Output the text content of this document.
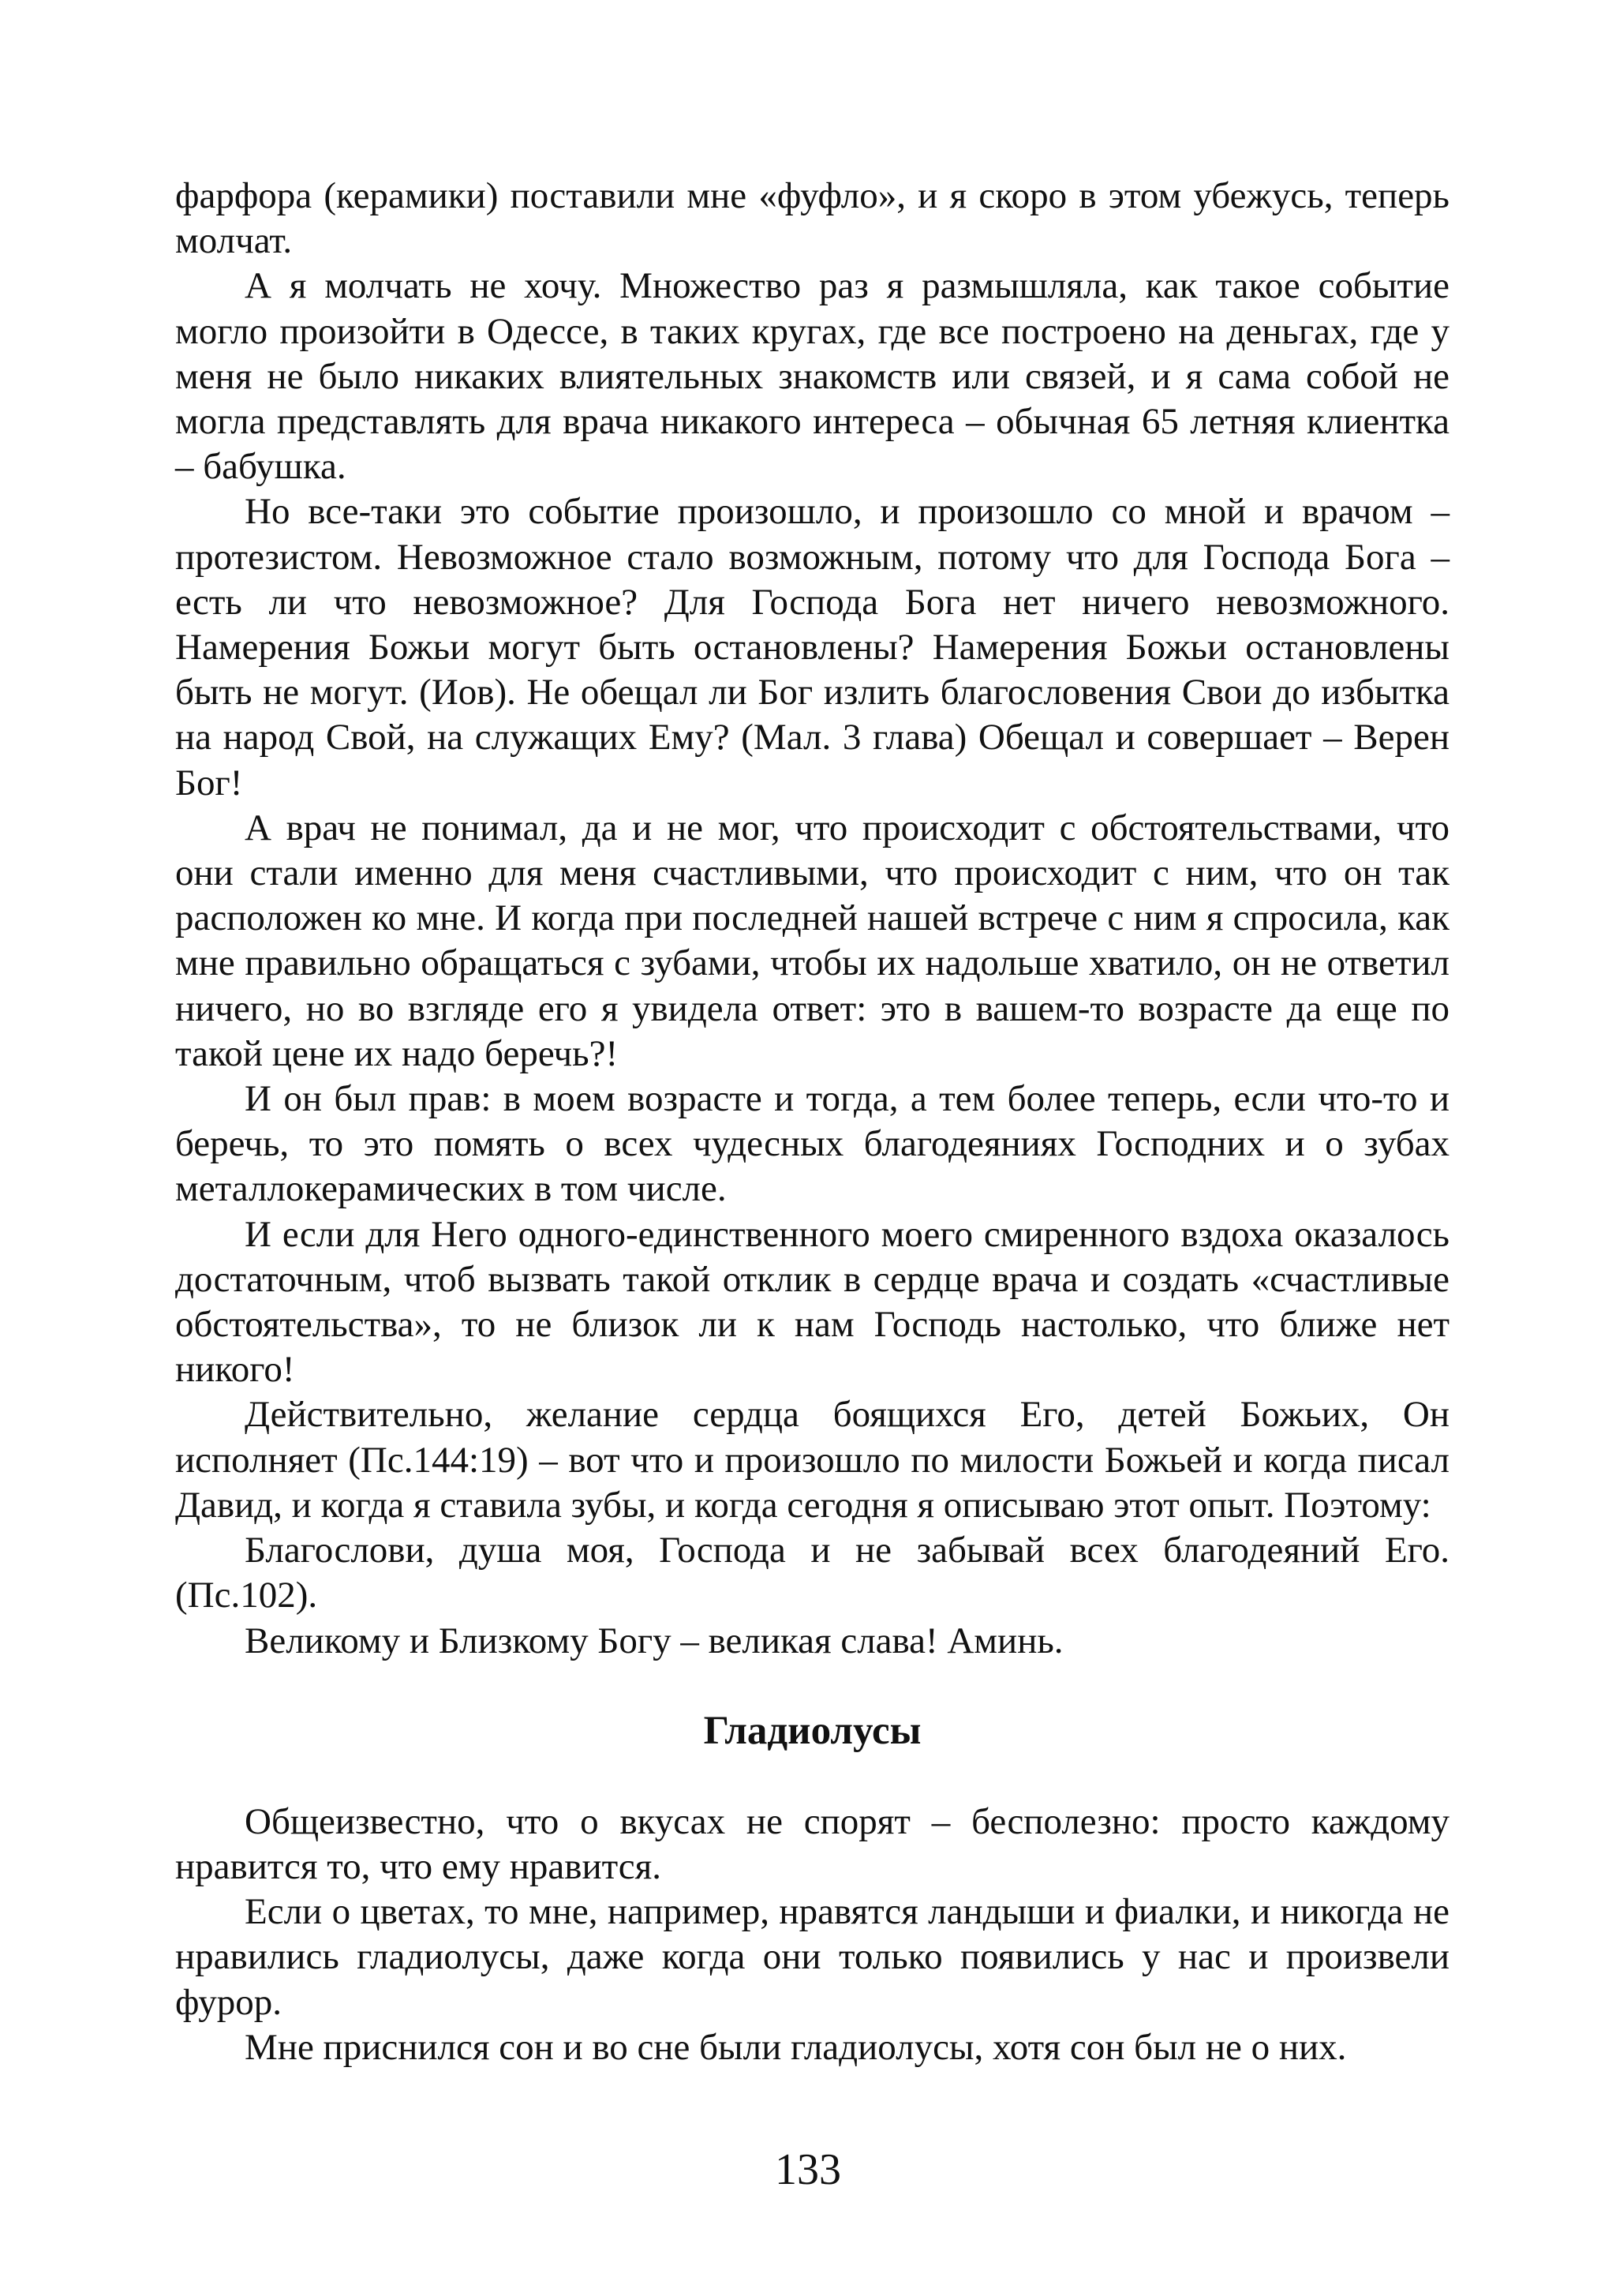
фарфора (керамики) поставили мне «фуфло», и я скоро в этом убежусь, теперь молчат.

А я молчать не хочу. Множество раз я размышляла, как такое событие могло произойти в Одессе, в таких кругах, где все построено на деньгах, где у меня не было никаких влиятельных знакомств или связей, и я сама собой не могла представлять для врача никакого интереса – обычная 65 летняя клиентка – бабушка.

Но все-таки это событие произошло, и произошло со мной и врачом – протезистом. Невозможное стало возможным, потому что для Господа Бога – есть ли что невозможное? Для Господа Бога нет ничего невозможного. Намерения Божьи могут быть остановлены? Намерения Божьи остановлены быть не могут. (Иов). Не обещал ли Бог излить благословения Свои до избытка на народ Свой, на служащих Ему? (Мал. 3 глава) Обещал и совершает – Верен Бог!

А врач не понимал, да и не мог, что происходит с обстоятельствами, что они стали именно для меня счастливыми, что происходит с ним, что он так расположен ко мне. И когда при последней нашей встрече с ним я спросила, как мне правильно обращаться с зубами, чтобы их надольше хватило, он не ответил ничего, но во взгляде его я увидела ответ: это в вашем-то возрасте да еще по такой цене их надо беречь?!

И он был прав: в моем возрасте и тогда, а тем более теперь, если что-то и беречь, то это помять о всех чудесных благодеяниях Господних и о зубах металлокерамических в том числе.

И если для Него одного-единственного моего смиренного вздоха оказалось достаточным, чтоб вызвать такой отклик в сердце врача и создать «счастливые обстоятельства», то не близок ли к нам Господь настолько, что ближе нет никого!

Действительно, желание сердца боящихся Его, детей Божьих, Он исполняет (Пс.144:19) – вот что и произошло по милости Божьей и когда писал Давид, и когда я ставила зубы, и когда сегодня я описываю этот опыт. Поэтому:

Благослови, душа моя, Господа и не забывай всех благодеяний Его. (Пс.102).

Великому и Близкому Богу – великая слава! Аминь.

Гладиолусы

Общеизвестно, что о вкусах не спорят – бесполезно: просто каждому нравится то, что ему нравится.

Если о цветах, то мне, например, нравятся ландыши и фиалки, и никогда не нравились гладиолусы, даже когда они только появились у нас и произвели фурор.

Мне приснился сон и во сне были гладиолусы, хотя сон был не о них.

133
